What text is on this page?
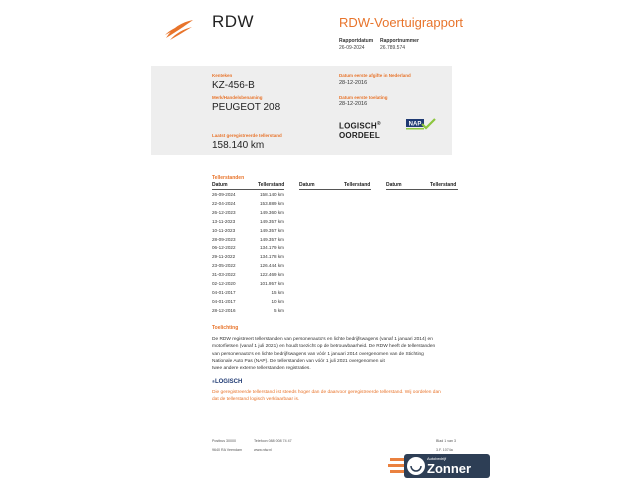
RDW	RDW-Voertuigrapport
Rapportdatum
26-09-2024
Rapportnummer
26.789.574
Kenteken
KZ-456-B
Merk/Handelsbenaming
PEUGEOT 208
Laatst geregistreerde tellerstand
158.140 km
Datum eerste afgifte in Nederland
28-12-2016
Datum eerste toelating
28-12-2016
LOGISCH®
OORDEEL
NAP
Tellerstanden
Datum	Tellerstand	Datum	Tellerstand	Datum	Tellerstand
26-09-2024	158.140 km
22-04-2024	153.889 km
26-12-2023	149.360 km
13-11-2023	149.357 km
10-11-2023	149.357 km
28-09-2023	149.357 km
06-12-2022	134.179 km
29-11-2022	134.178 km
23-05-2022	126.444 km
31-03-2022	122.469 km
02-12-2020	101.957 km
04-01-2017	15 km
04-01-2017	10 km
28-12-2016	5 km
Toelichting
De RDW registreert tellerstanden van personenauto's en lichte bedrijfswagens (vanaf 1 januari 2014) en
motorfietsen (vanaf 1 juli 2021) en houdt toezicht op de betrouwbaarheid. De RDW heeft de tellerstanden
van personenauto's en lichte bedrijfswagens van vóór 1 januari 2014 overgenomen van de Stichting
Nationale Auto Pas (NAP). De tellerstanden van vóór 1 juli 2021 overgenomen uit
twee andere externe tellerstanden registraties.
®LOGISCH
Die geregistreerde tellerstand ist steeds hoger dan de daarvoor geregistreerde tellerstand. Wij oordelen dan
dat de tellerstand logisch verklaarbaar is.
Postbus 30000
9640 RA Veendam
Telefoon 088 008 74 47
www.rdw.nl
Blad 1 van 3
3.F. 1074a
Autobedrijf
Zonner
